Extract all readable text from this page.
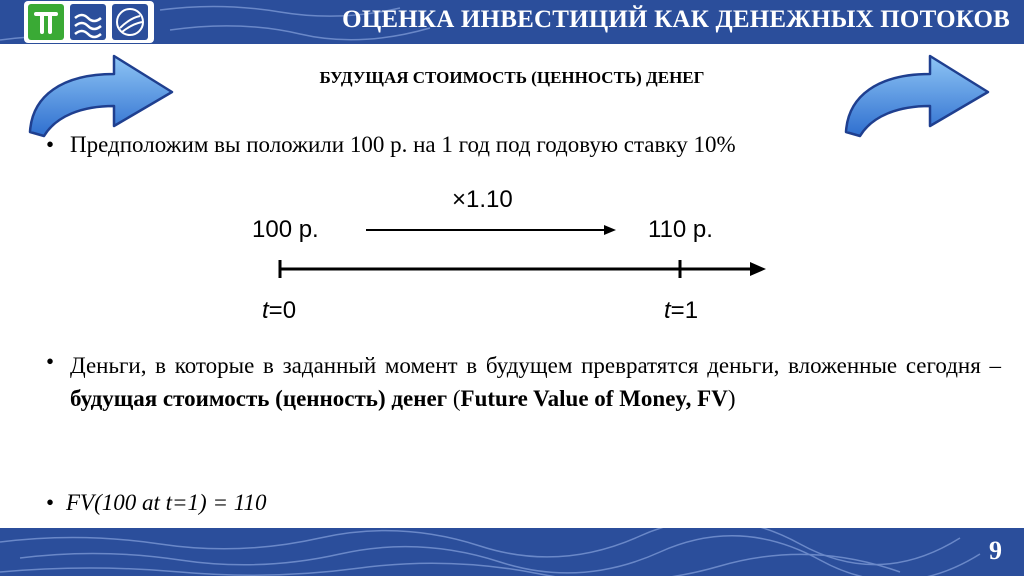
ОЦЕНКА ИНВЕСТИЦИЙ КАК ДЕНЕЖНЫХ ПОТОКОВ
БУДУЩАЯ СТОИМОСТЬ (ЦЕННОСТЬ) ДЕНЕГ
• Предположим вы положили 100 р. на 1 год под годовую ставку 10%
×1.10
100 р.	110 р.
t=0	t=1
• Деньги, в которые в заданный момент в будущем превратятся деньги, вложенные сегодня – будущая стоимость (ценность) денег (Future Value of Money, FV)
• FV(100 at t=1) = 110
9
